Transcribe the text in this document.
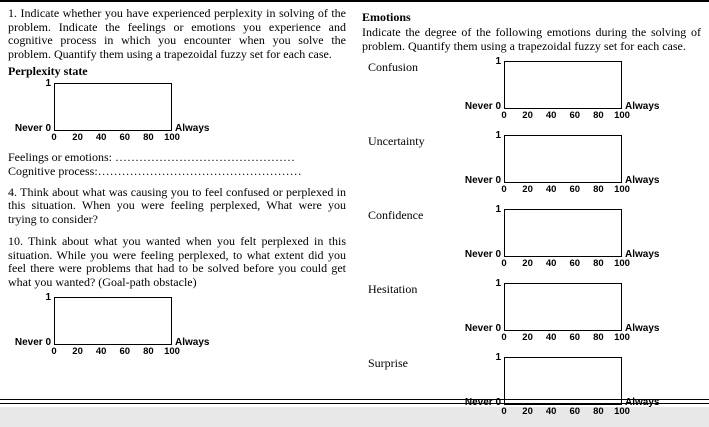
1. Indicate whether you have experienced perplexity in solving of the problem. Indicate the feelings or emotions you experience and cognitive process in which you encounter when you solve the problem. Quantify them using a trapezoidal fuzzy set for each case.

Perplexity state
1
Never 0	Always
0 20 40 60 80 100

Feelings or emotions: ………………………………………

Cognitive process:……………………………………………

4. Think about what was causing you to feel confused or perplexed in this situation. When you were feeling perplexed, What were you trying to consider?

10. Think about what you wanted when you felt perplexed in this situation. While you were feeling perplexed, to what extent did you feel there were problems that had to be solved before you could get what you wanted? (Goal-path obstacle)

1
Never 0	Always
0 20 40 60 80 100
Emotions

Indicate the degree of the following emotions during the solving of problem. Quantify them using a trapezoidal fuzzy set for each case.

Confusion	1
Never 0	Always
0 20 40 60 80 100
Uncertainty	1
Never 0	Always
0 20 40 60 80 100
Confidence	1
Never 0	Always
0 20 40 60 80 100
Hesitation	1
Never 0	Always
0 20 40 60 80 100
Surprise	1
Never 0	Always
0 20 40 60 80 100
